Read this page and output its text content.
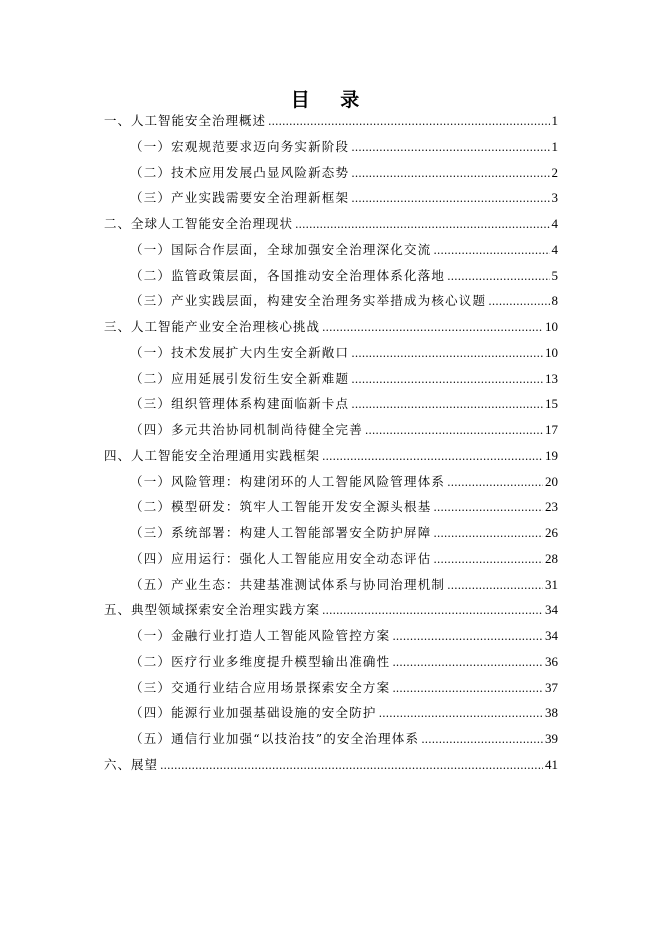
目 录
一、人工智能安全治理概述 .....	1
（一）宏观规范要求迈向务实新阶段 .....	1
（二）技术应用发展凸显风险新态势 .....	2
（三）产业实践需要安全治理新框架 .....	3
二、全球人工智能安全治理现状 .....	4
（一）国际合作层面，全球加强安全治理深化交流 .....	4
（二）监管政策层面，各国推动安全治理体系化落地 .....	5
（三）产业实践层面，构建安全治理务实举措成为核心议题 .....	8
三、人工智能产业安全治理核心挑战 .....	10
（一）技术发展扩大内生安全新敞口 .....	10
（二）应用延展引发衍生安全新难题 .....	13
（三）组织管理体系构建面临新卡点 .....	15
（四）多元共治协同机制尚待健全完善 .....	17
四、人工智能安全治理通用实践框架 .....	19
（一）风险管理：构建闭环的人工智能风险管理体系 .....	20
（二）模型研发：筑牢人工智能开发安全源头根基 .....	23
（三）系统部署：构建人工智能部署安全防护屏障 .....	26
（四）应用运行：强化人工智能应用安全动态评估 .....	28
（五）产业生态：共建基准测试体系与协同治理机制 .....	31
五、典型领域探索安全治理实践方案 .....	34
（一）金融行业打造人工智能风险管控方案 .....	34
（二）医疗行业多维度提升模型输出准确性 .....	36
（三）交通行业结合应用场景探索安全方案 .....	37
（四）能源行业加强基础设施的安全防护 .....	38
（五）通信行业加强“以技治技”的安全治理体系 .....	39
六、展望 .....	41
